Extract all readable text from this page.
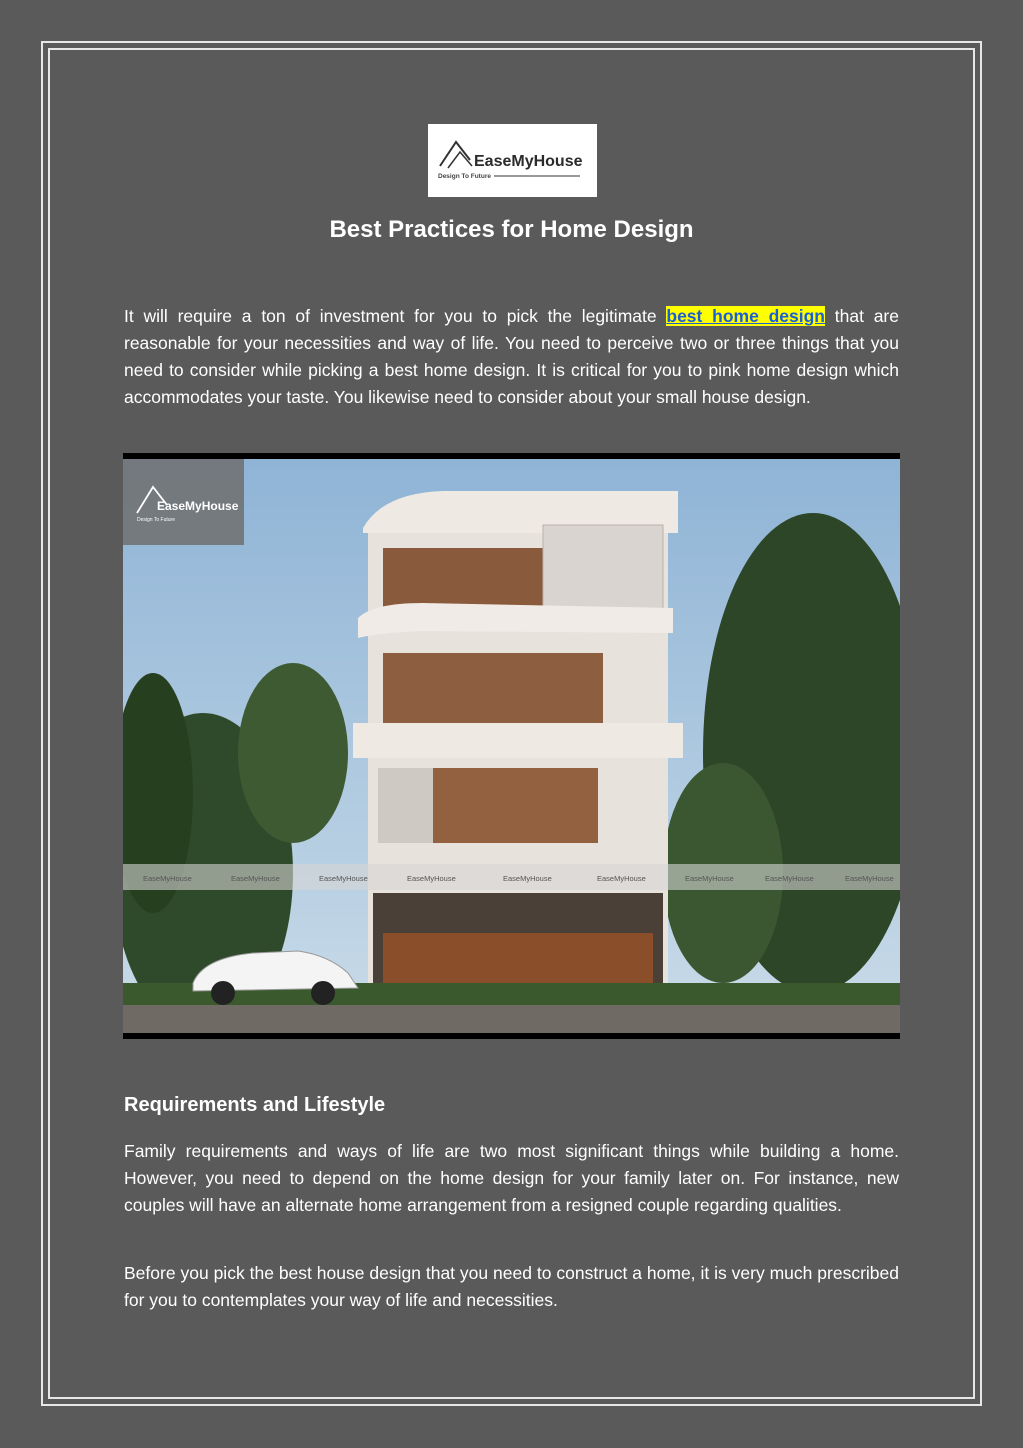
EaseMyHouse
Design To Future
Best Practices for Home Design

It will require a ton of investment for you to pick the legitimate best home design that are reasonable for your necessities and way of life. You need to perceive two or three things that you need to consider while picking a best home design. It is critical for you to pink home design which accommodates your taste. You likewise need to consider about your small house design.

EaseMyHouse	EaseMyHouse	EaseMyHouse	EaseMyHouse	EaseMyHouse	EaseMyHouse	EaseMyHouse	EaseMyHouse	EaseMyHouse
EaseMyHouse
Design To Future
Requirements and Lifestyle

Family requirements and ways of life are two most significant things while building a home. However, you need to depend on the home design for your family later on. For instance, new couples will have an alternate home arrangement from a resigned couple regarding qualities.

Before you pick the best house design that you need to construct a home, it is very much prescribed for you to contemplates your way of life and necessities.
